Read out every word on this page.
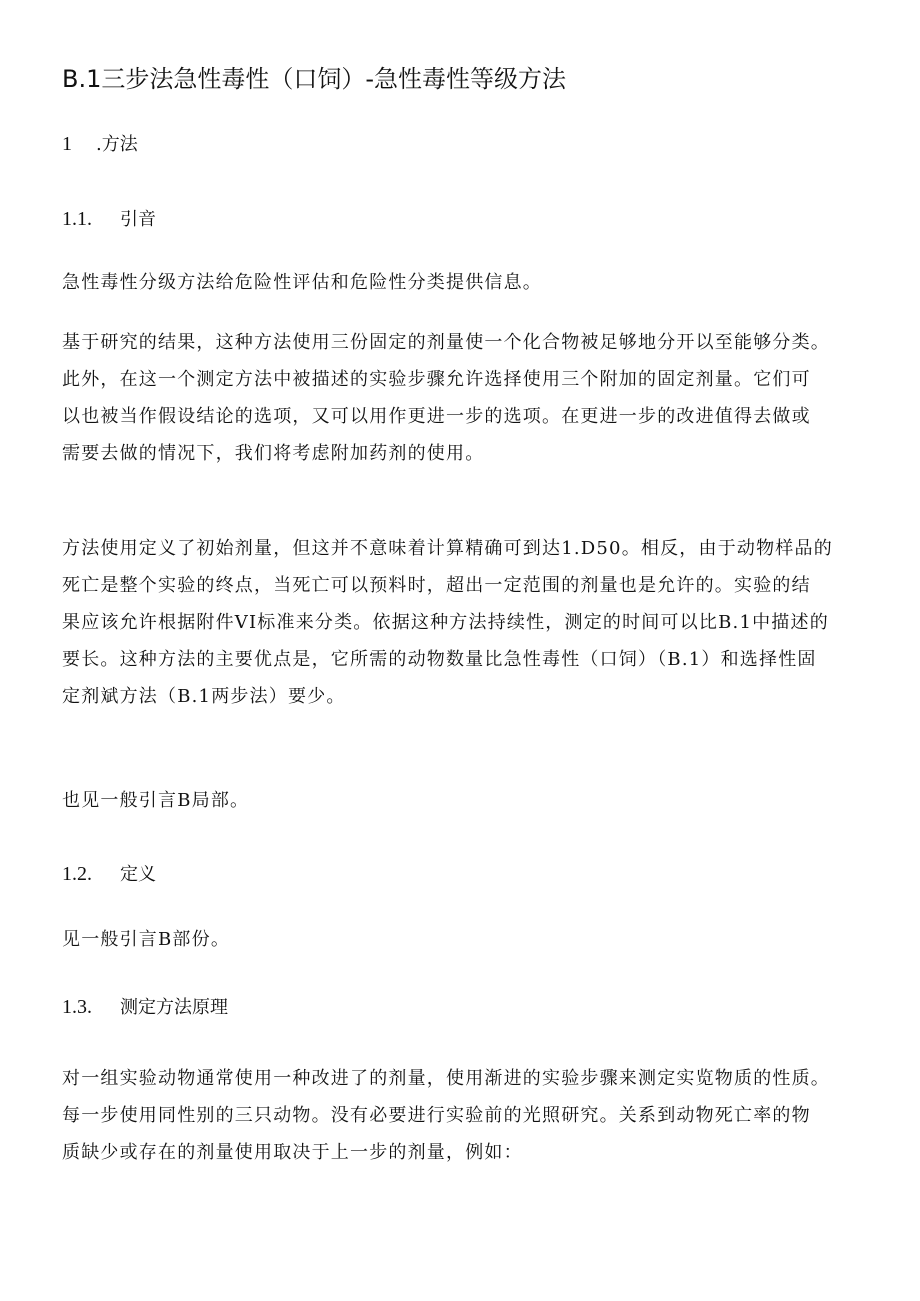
B.1三步法急性毒性（口饲）-急性毒性等级方法
1 .方法
1.1. 引音
急性毒性分级方法给危险性评估和危险性分类提供信息。
基于研究的结果，这种方法使用三份固定的剂量使一个化合物被足够地分开以至能够分类。
此外，在这一个测定方法中被描述的实验步骤允许选择使用三个附加的固定剂量。它们可
以也被当作假设结论的选项，又可以用作更进一步的选项。在更进一步的改进值得去做或
需要去做的情况下，我们将考虑附加药剂的使用。
方法使用定义了初始剂量，但这并不意味着计算精确可到达1.D50。相反，由于动物样品的
死亡是整个实验的终点，当死亡可以预料时，超出一定范围的剂量也是允许的。实验的结
果应该允许根据附件VI标准来分类。依据这种方法持续性，测定的时间可以比B.1中描述的
要长。这种方法的主要优点是，它所需的动物数量比急性毒性（口饲）（B.1）和选择性固
定剂斌方法（B.1两步法）要少。
也见一般引言B局部。
1.2. 定义
见一般引言B部份。
1.3. 测定方法原理
对一组实验动物通常使用一种改进了的剂量，使用渐进的实验步骤来测定实览物质的性质。
每一步使用同性别的三只动物。没有必要进行实验前的光照研究。关系到动物死亡率的物
质缺少或存在的剂量使用取决于上一步的剂量，例如：
